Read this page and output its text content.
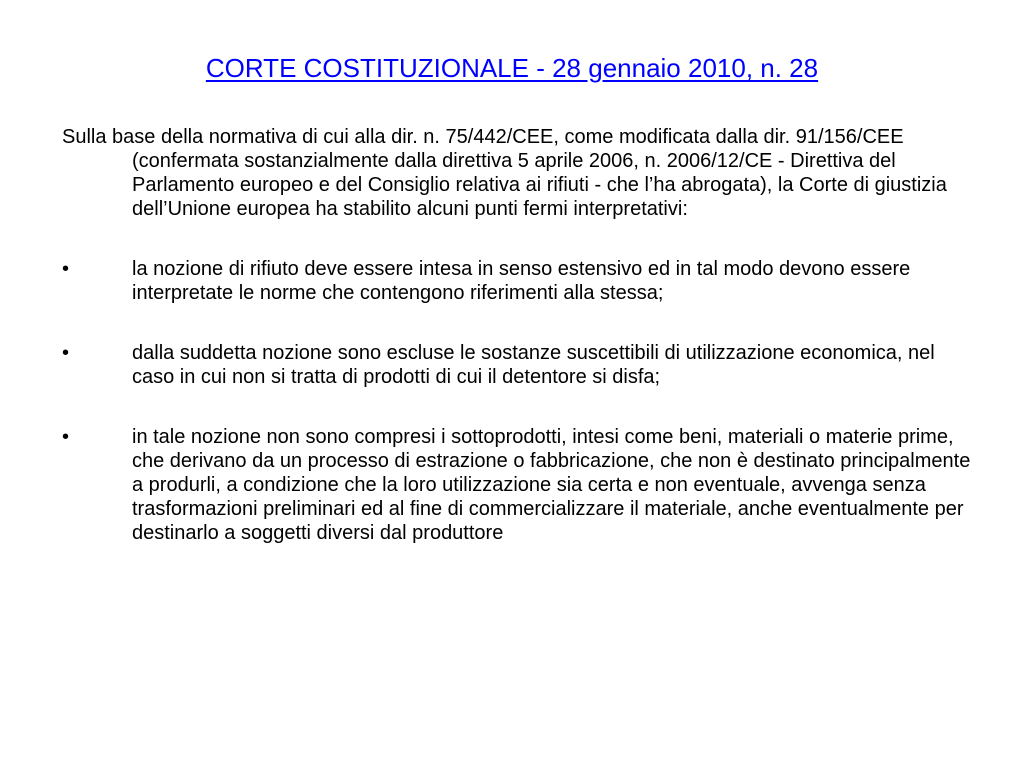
CORTE COSTITUZIONALE - 28 gennaio 2010, n. 28

Sulla base della normativa di cui alla dir. n. 75/442/CEE, come modificata dalla dir. 91/156/CEE (confermata sostanzialmente dalla direttiva 5 aprile 2006, n. 2006/12/CE - Direttiva del Parlamento europeo e del Consiglio relativa ai rifiuti - che l’ha abrogata), la Corte di giustizia dell’Unione europea ha stabilito alcuni punti fermi interpretativi:

•	la nozione di rifiuto deve essere intesa in senso estensivo ed in tal modo devono essere interpretate le norme che contengono riferimenti alla stessa;
•	dalla suddetta nozione sono escluse le sostanze suscettibili di utilizzazione economica, nel caso in cui non si tratta di prodotti di cui il detentore si disfa;
•	in tale nozione non sono compresi i sottoprodotti, intesi come beni, materiali o materie prime, che derivano da un processo di estrazione o fabbricazione, che non è destinato principalmente a produrli, a condizione che la loro utilizzazione sia certa e non eventuale, avvenga senza trasformazioni preliminari ed al fine di commercializzare il materiale, anche eventualmente per destinarlo a soggetti diversi dal produttore
